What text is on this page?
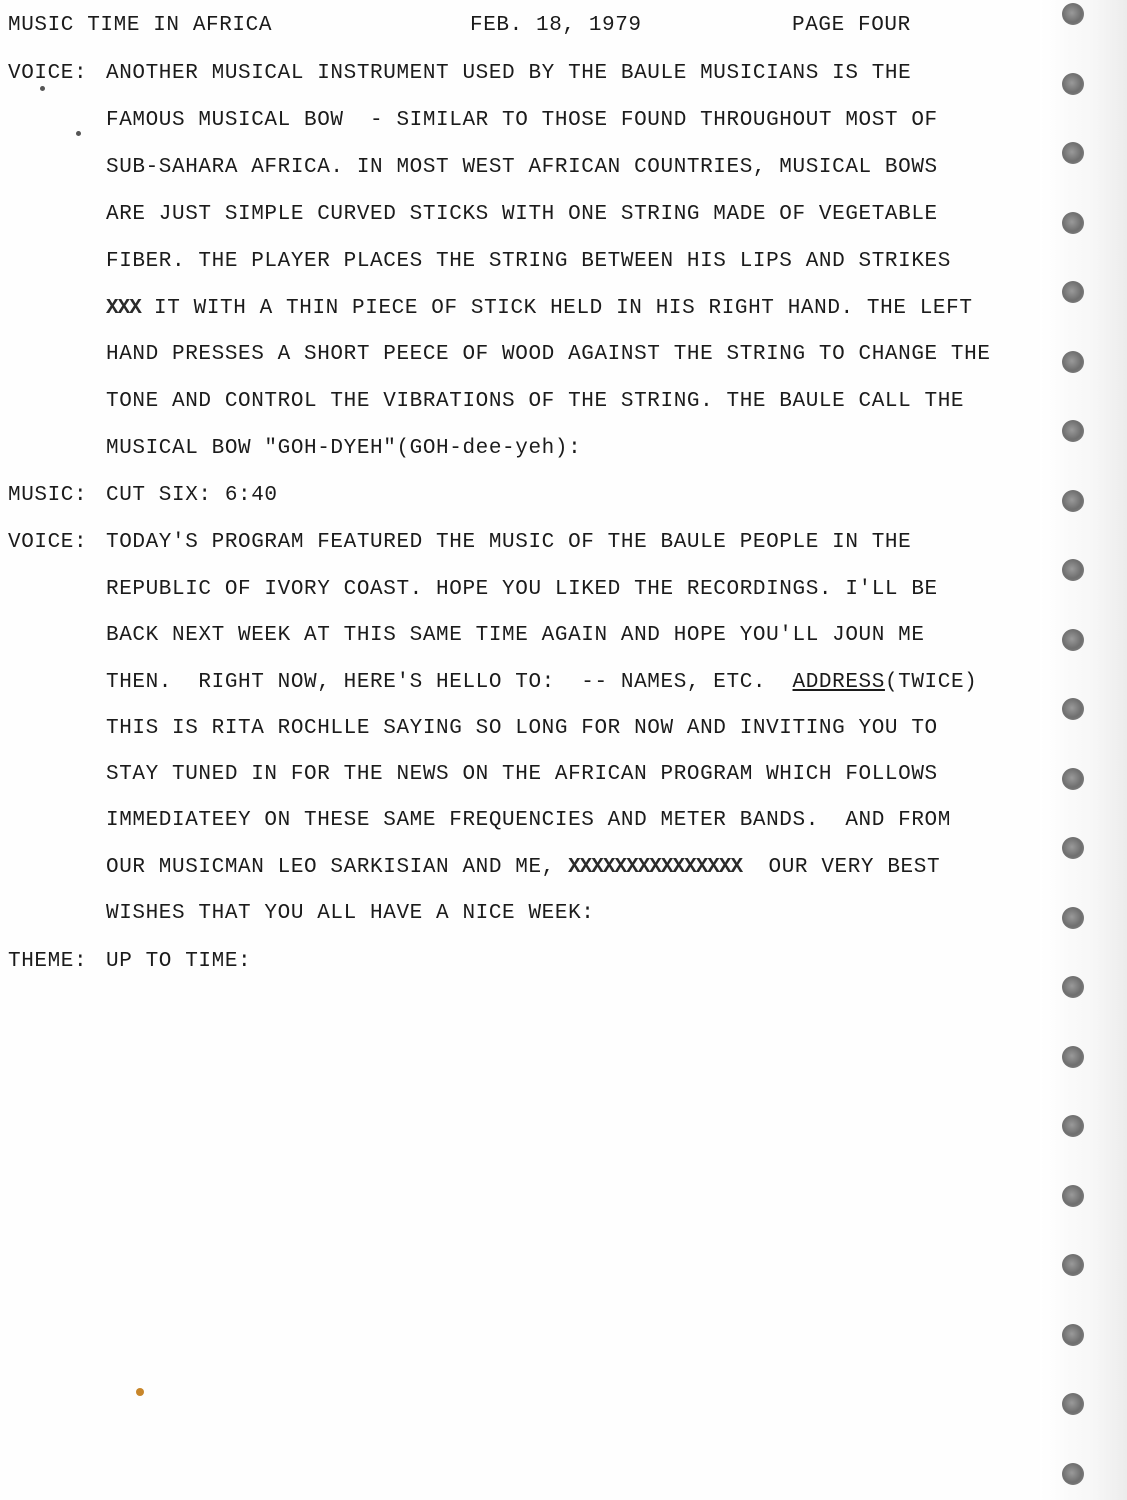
MUSIC TIME IN AFRICA	FEB. 18, 1979	PAGE FOUR
VOICE: ANOTHER MUSICAL INSTRUMENT USED BY THE BAULE MUSICIANS IS THE
FAMOUS MUSICAL BOW  - SIMILAR TO THOSE FOUND THROUGHOUT MOST OF
SUB-SAHARA AFRICA. IN MOST WEST AFRICAN COUNTRIES, MUSICAL BOWS
ARE JUST SIMPLE CURVED STICKS WITH ONE STRING MADE OF VEGETABLE
FIBER. THE PLAYER PLACES THE STRING BETWEEN HIS LIPS AND STRIKES
XXX IT WITH A THIN PIECE OF STICK HELD IN HIS RIGHT HAND. THE LEFT
HAND PRESSES A SHORT PEECE OF WOOD AGAINST THE STRING TO CHANGE THE
TONE AND CONTROL THE VIBRATIONS OF THE STRING. THE BAULE CALL THE
MUSICAL BOW "GOH-DYEH"(GOH-dee-yeh):
MUSIC: CUT SIX: 6:40
VOICE: TODAY'S PROGRAM FEATURED THE MUSIC OF THE BAULE PEOPLE IN THE
REPUBLIC OF IVORY COAST. HOPE YOU LIKED THE RECORDINGS. I'LL BE
BACK NEXT WEEK AT THIS SAME TIME AGAIN AND HOPE YOU'LL JOUN ME
THEN.  RIGHT NOW, HERE'S HELLO TO:  -- NAMES, ETC.  ADDRESS(TWICE)
THIS IS RITA ROCHLLE SAYING SO LONG FOR NOW AND INVITING YOU TO
STAY TUNED IN FOR THE NEWS ON THE AFRICAN PROGRAM WHICH FOLLOWS
IMMEDIATEEY ON THESE SAME FREQUENCIES AND METER BANDS.  AND FROM
OUR MUSICMAN LEO SARKISIAN AND ME, XXXXXXXXXXXXXXX  OUR VERY BEST
WISHES THAT YOU ALL HAVE A NICE WEEK:
THEME: UP TO TIME:
